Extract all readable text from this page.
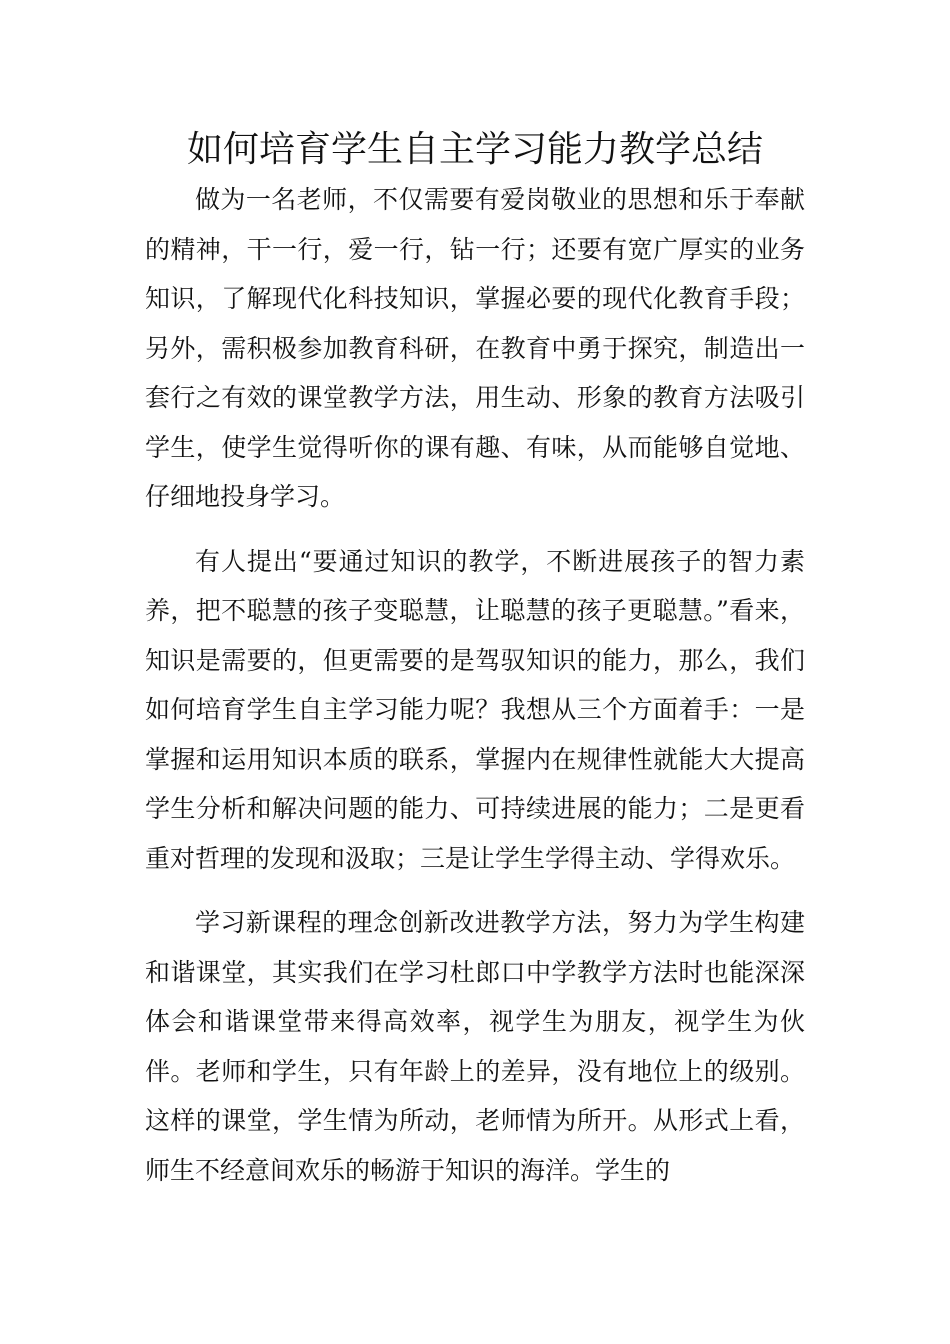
如何培育学生自主学习能力教学总结

做为一名老师，不仅需要有爱岗敬业的思想和乐于奉献的精神，干一行，爱一行，钻一行；还要有宽广厚实的业务知识，了解现代化科技知识，掌握必要的现代化教育手段；另外，需积极参加教育科研，在教育中勇于探究，制造出一套行之有效的课堂教学方法，用生动、形象的教育方法吸引学生，使学生觉得听你的课有趣、有味，从而能够自觉地、仔细地投身学习。

有人提出“要通过知识的教学，不断进展孩子的智力素养，把不聪慧的孩子变聪慧，让聪慧的孩子更聪慧。”看来，知识是需要的，但更需要的是驾驭知识的能力，那么，我们如何培育学生自主学习能力呢？我想从三个方面着手：一是掌握和运用知识本质的联系，掌握内在规律性就能大大提高学生分析和解决问题的能力、可持续进展的能力；二是更看重对哲理的发现和汲取；三是让学生学得主动、学得欢乐。

学习新课程的理念创新改进教学方法，努力为学生构建和谐课堂，其实我们在学习杜郎口中学教学方法时也能深深体会和谐课堂带来得高效率，视学生为朋友，视学生为伙伴。老师和学生，只有年龄上的差异，没有地位上的级别。这样的课堂，学生情为所动，老师情为所开。从形式上看，师生不经意间欢乐的畅游于知识的海洋。学生的
